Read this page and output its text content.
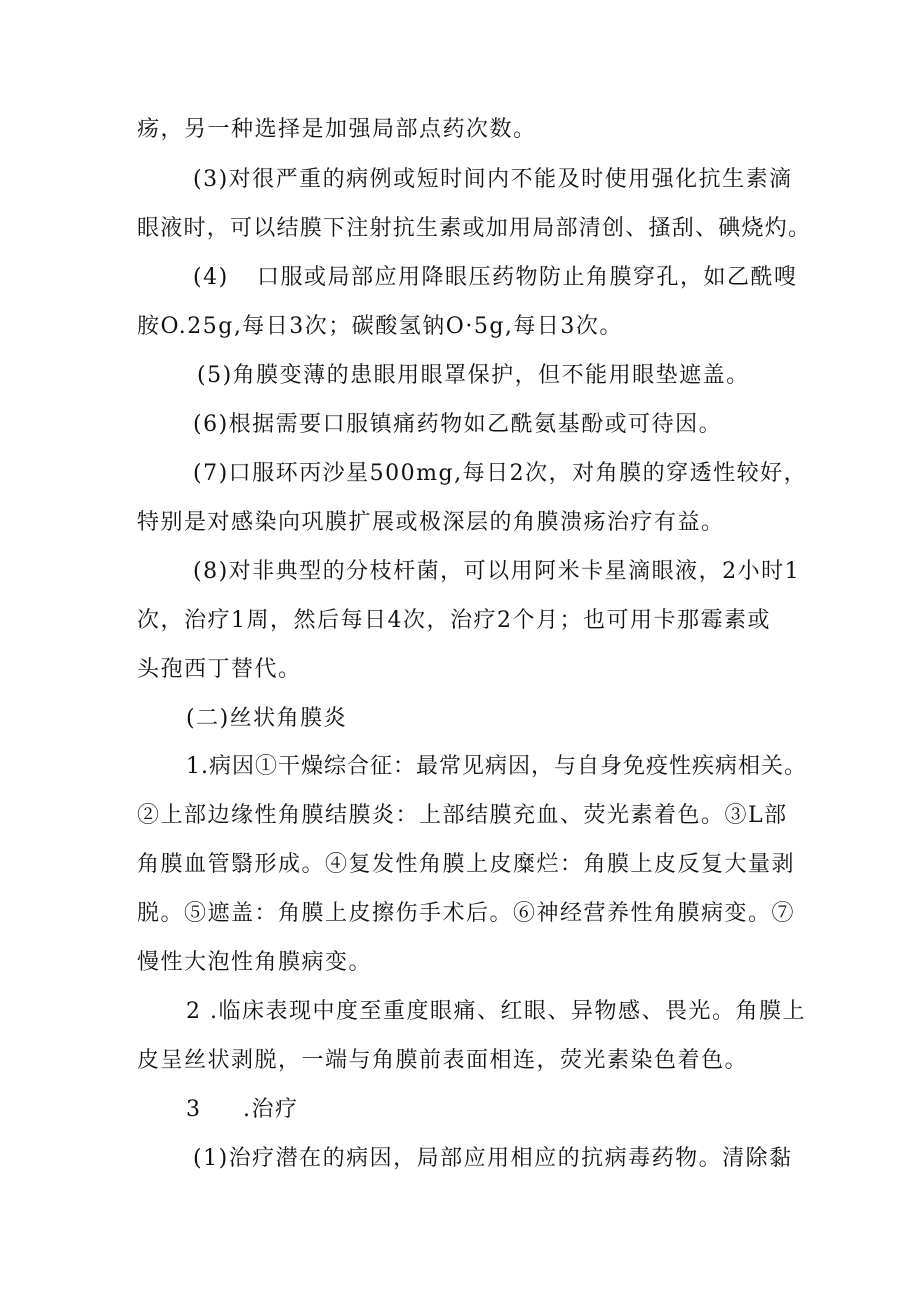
疡，另一种选择是加强局部点药次数。
(3)对很严重的病例或短时间内不能及时使用强化抗生素滴
眼液时，可以结膜下注射抗生素或加用局部清创、搔刮、碘烧灼。
(4) 口服或局部应用降眼压药物防止角膜穿孔，如乙酰嗖
胺O.25g,每日3次；碳酸氢钠O·5g,每日3次。
(5)角膜变薄的患眼用眼罩保护，但不能用眼垫遮盖。
(6)根据需要口服镇痛药物如乙酰氨基酚或可待因。
(7)口服环丙沙星500mg,每日2次，对角膜的穿透性较好，
特别是对感染向巩膜扩展或极深层的角膜溃疡治疗有益。
(8)对非典型的分枝杆菌，可以用阿米卡星滴眼液，2小时1
次，治疗1周，然后每日4次，治疗2个月；也可用卡那霉素或
头孢西丁替代。
(二)丝状角膜炎
1.病因①干燥综合征：最常见病因，与自身免疫性疾病相关。
②上部边缘性角膜结膜炎：上部结膜充血、荧光素着色。③L部
角膜血管翳形成。④复发性角膜上皮糜烂：角膜上皮反复大量剥
脱。⑤遮盖：角膜上皮擦伤手术后。⑥神经营养性角膜病变。⑦
慢性大泡性角膜病变。
2 .临床表现中度至重度眼痛、红眼、异物感、畏光。角膜上
皮呈丝状剥脱，一端与角膜前表面相连，荧光素染色着色。
3 .治疗
(1)治疗潜在的病因，局部应用相应的抗病毒药物。清除黏
